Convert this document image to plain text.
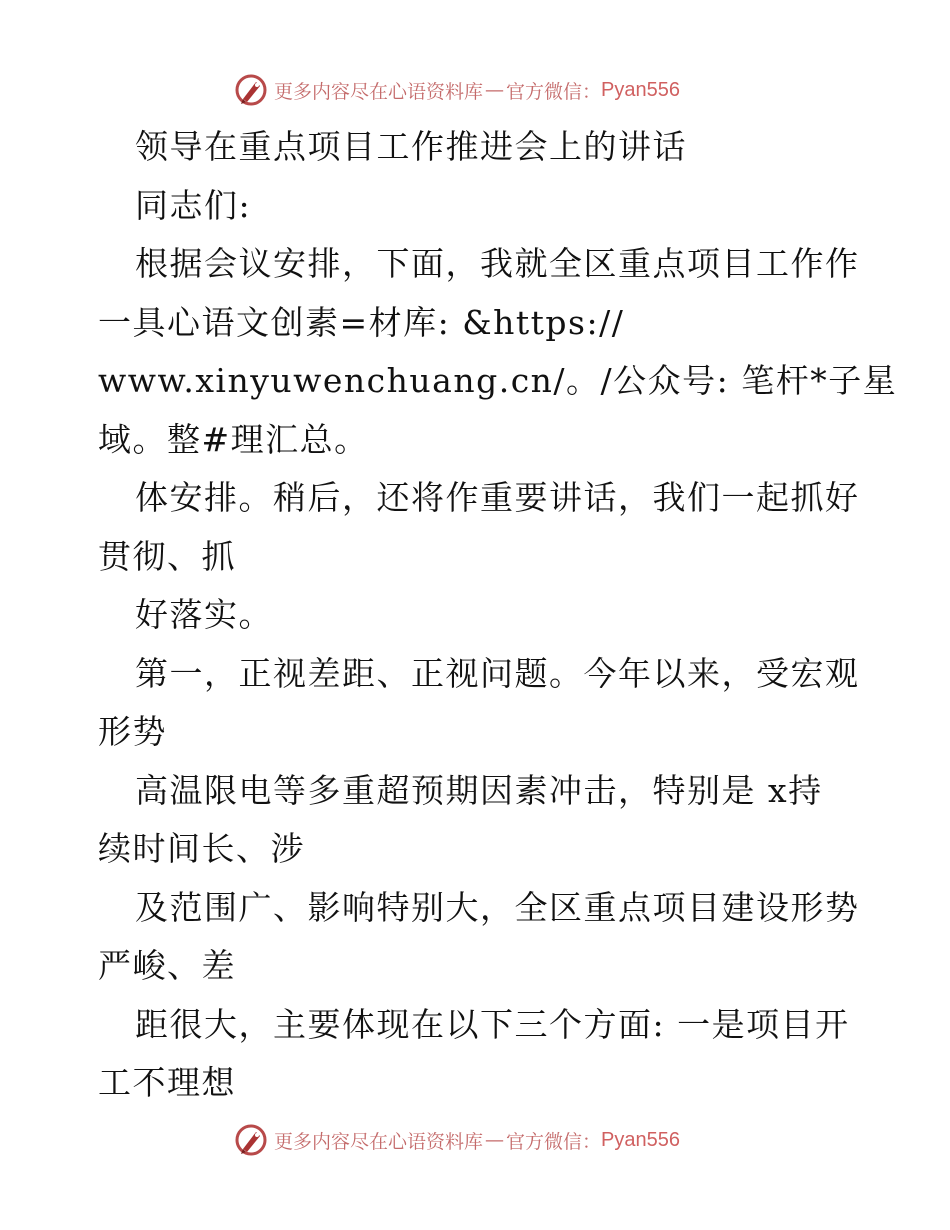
更多内容尽在心语资料库 — 官方微信： Pyan556
领导在重点项目工作推进会上的讲话
同志们:
根据会议安排，下面，我就全区重点项目工作作
一具心语文创素=材库: &https://
www.xinyuwenchuang.cn/。/公众号: 笔杆*子星
域。整#理汇总。
体安排。稍后，还将作重要讲话，我们一起抓好
贯彻、抓
好落实。
第一，正视差距、正视问题。今年以来，受宏观
形势
高温限电等多重超预期因素冲击，特别是 x持
续时间长、涉
及范围广、影响特别大，全区重点项目建设形势
严峻、差
距很大，主要体现在以下三个方面: 一是项目开
工不理想
更多内容尽在心语资料库 — 官方微信： Pyan556
